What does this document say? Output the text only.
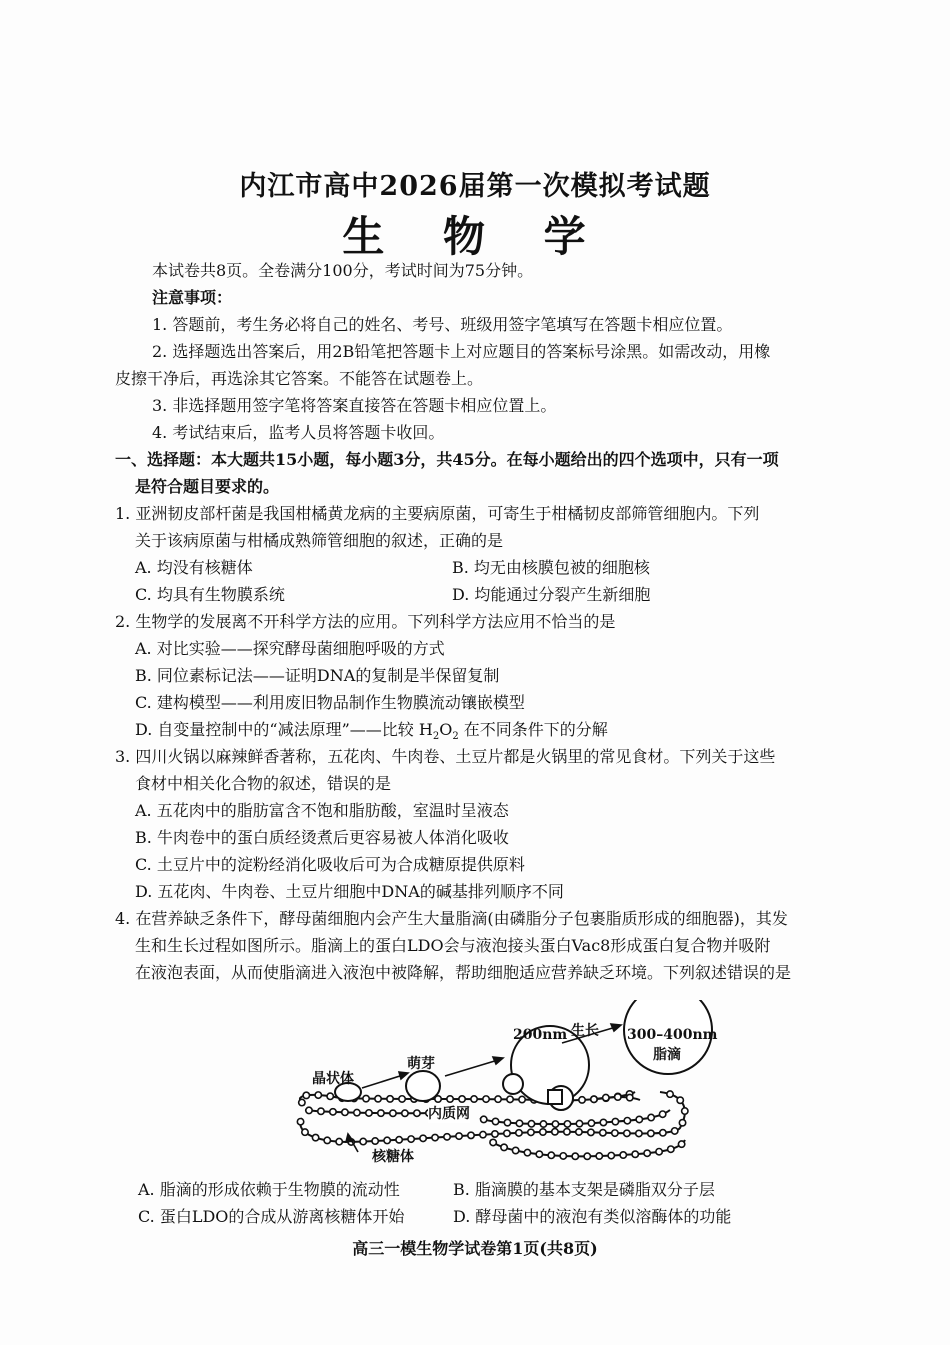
内江市高中2026届第一次模拟考试题
生 物 学
本试卷共8页。全卷满分100分，考试时间为75分钟。
注意事项：
1. 答题前，考生务必将自己的姓名、考号、班级用签字笔填写在答题卡相应位置。
2. 选择题选出答案后，用2B铅笔把答题卡上对应题目的答案标号涂黑。如需改动，用橡
皮擦干净后，再选涂其它答案。不能答在试题卷上。
3. 非选择题用签字笔将答案直接答在答题卡相应位置上。
4. 考试结束后，监考人员将答题卡收回。
一、选择题：本大题共15小题，每小题3分，共45分。在每小题给出的四个选项中，只有一项
是符合题目要求的。
1. 亚洲韧皮部杆菌是我国柑橘黄龙病的主要病原菌，可寄生于柑橘韧皮部筛管细胞内。下列
关于该病原菌与柑橘成熟筛管细胞的叙述，正确的是
A. 均没有核糖体	B. 均无由核膜包被的细胞核
C. 均具有生物膜系统	D. 均能通过分裂产生新细胞
2. 生物学的发展离不开科学方法的应用。下列科学方法应用不恰当的是
A. 对比实验——探究酵母菌细胞呼吸的方式
B. 同位素标记法——证明DNA的复制是半保留复制
C. 建构模型——利用废旧物品制作生物膜流动镶嵌模型
D. 自变量控制中的“减法原理”——比较 $H_2O_2$ 在不同条件下的分解
3. 四川火锅以麻辣鲜香著称，五花肉、牛肉卷、土豆片都是火锅里的常见食材。下列关于这些
食材中相关化合物的叙述，错误的是
A. 五花肉中的脂肪富含不饱和脂肪酸，室温时呈液态
B. 牛肉卷中的蛋白质经烫煮后更容易被人体消化吸收
C. 土豆片中的淀粉经消化吸收后可为合成糖原提供原料
D. 五花肉、牛肉卷、土豆片细胞中DNA的碱基排列顺序不同
4. 在营养缺乏条件下，酵母菌细胞内会产生大量脂滴(由磷脂分子包裹脂质形成的细胞器)，其发
生和生长过程如图所示。脂滴上的蛋白LDO会与液泡接头蛋白Vac8形成蛋白复合物并吸附
在液泡表面，从而使脂滴进入液泡中被降解，帮助细胞适应营养缺乏环境。下列叙述错误的是
晶状体
萌芽
200nm 生长 300–400nm
脂滴
内质网
核糖体
A. 脂滴的形成依赖于生物膜的流动性	B. 脂滴膜的基本支架是磷脂双分子层
C. 蛋白LDO的合成从游离核糖体开始	D. 酵母菌中的液泡有类似溶酶体的功能
高三一模生物学试卷第1页(共8页)
